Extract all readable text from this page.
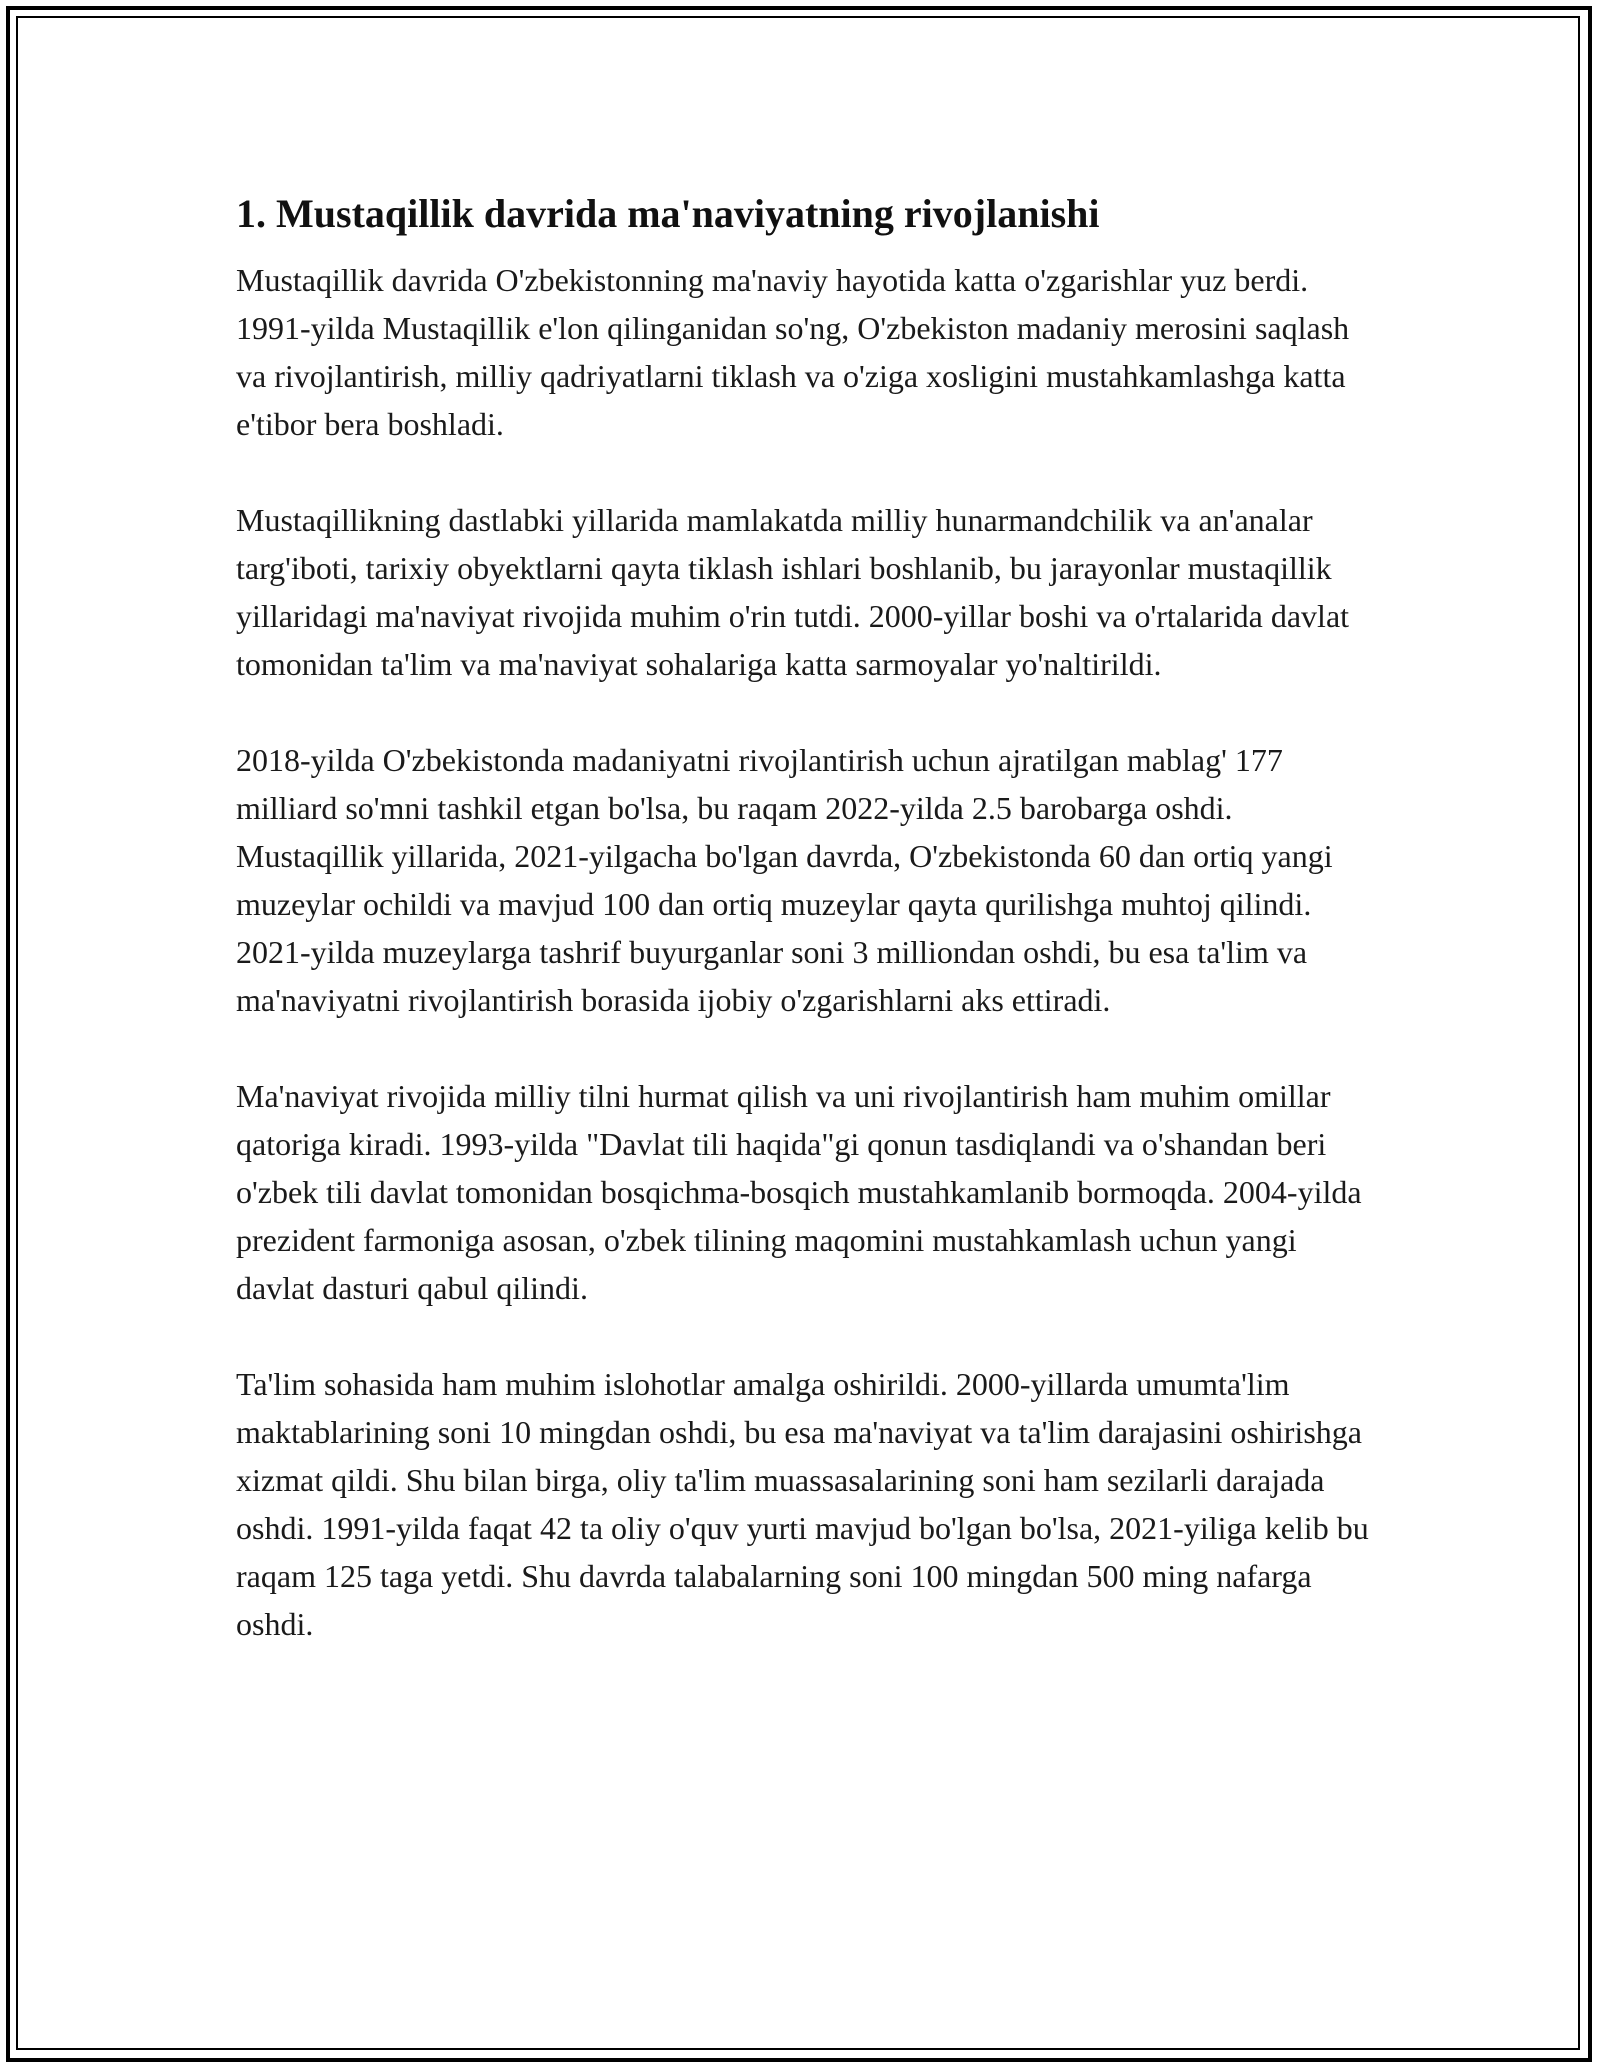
1. Mustaqillik davrida ma'naviyatning rivojlanishi

Mustaqillik davrida O'zbekistonning ma'naviy hayotida katta o'zgarishlar yuz berdi. 1991-yilda Mustaqillik e'lon qilinganidan so'ng, O'zbekiston madaniy merosini saqlash va rivojlantirish, milliy qadriyatlarni tiklash va o'ziga xosligini mustahkamlashga katta e'tibor bera boshladi.

Mustaqillikning dastlabki yillarida mamlakatda milliy hunarmandchilik va an'analar targ'iboti, tarixiy obyektlarni qayta tiklash ishlari boshlanib, bu jarayonlar mustaqillik yillaridagi ma'naviyat rivojida muhim o'rin tutdi. 2000-yillar boshi va o'rtalarida davlat tomonidan ta'lim va ma'naviyat sohalariga katta sarmoyalar yo'naltirildi.

2018-yilda O'zbekistonda madaniyatni rivojlantirish uchun ajratilgan mablag' 177 milliard so'mni tashkil etgan bo'lsa, bu raqam 2022-yilda 2.5 barobarga oshdi. Mustaqillik yillarida, 2021-yilgacha bo'lgan davrda, O'zbekistonda 60 dan ortiq yangi muzeylar ochildi va mavjud 100 dan ortiq muzeylar qayta qurilishga muhtoj qilindi. 2021-yilda muzeylarga tashrif buyurganlar soni 3 milliondan oshdi, bu esa ta'lim va ma'naviyatni rivojlantirish borasida ijobiy o'zgarishlarni aks ettiradi.

Ma'naviyat rivojida milliy tilni hurmat qilish va uni rivojlantirish ham muhim omillar qatoriga kiradi. 1993-yilda "Davlat tili haqida"gi qonun tasdiqlandi va o'shandan beri o'zbek tili davlat tomonidan bosqichma-bosqich mustahkamlanib bormoqda. 2004-yilda prezident farmoniga asosan, o'zbek tilining maqomini mustahkamlash uchun yangi davlat dasturi qabul qilindi.

Ta'lim sohasida ham muhim islohotlar amalga oshirildi. 2000-yillarda umumta'lim maktablarining soni 10 mingdan oshdi, bu esa ma'naviyat va ta'lim darajasini oshirishga xizmat qildi. Shu bilan birga, oliy ta'lim muassasalarining soni ham sezilarli darajada oshdi. 1991-yilda faqat 42 ta oliy o'quv yurti mavjud bo'lgan bo'lsa, 2021-yiliga kelib bu raqam 125 taga yetdi. Shu davrda talabalarning soni 100 mingdan 500 ming nafarga oshdi.
